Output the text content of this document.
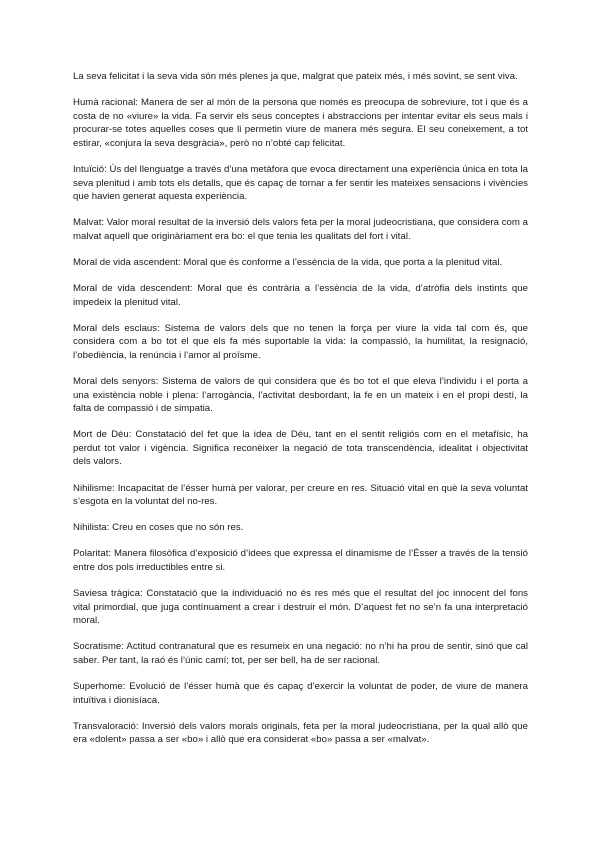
La seva felicitat i la seva vida són més plenes ja que, malgrat que pateix més, i més sovint, se sent viva.

Humà racional: Manera de ser al món de la persona que només es preocupa de sobreviure, tot i que és a costa de no «viure» la vida. Fa servir els seus conceptes i abstraccions per intentar evitar els seus mals i procurar-se totes aquelles coses que li permetin viure de manera més segura. El seu coneixement, a tot estirar, «conjura la seva desgràcia», però no n’obté cap felicitat.

Intuïció: Ús del llenguatge a través d’una metàfora que evoca directament una experiència única en tota la seva plenitud i amb tots els detalls, que és capaç de tornar a fer sentir les mateixes sensacions i vivències que havien generat aquesta experiència.

Malvat: Valor moral resultat de la inversió dels valors feta per la moral judeocristiana, que considera com a malvat aquell que originàriament era bo: el que tenia les qualitats del fort i vital.

Moral de vida ascendent: Moral que és conforme a l’essència de la vida, que porta a la plenitud vital.

Moral de vida descendent: Moral que és contrària a l’essència de la vida, d’atròfia dels instints que impedeix la plenitud vital.

Moral dels esclaus: Sistema de valors dels que no tenen la força per viure la vida tal com és, que considera com a bo tot el que els fa més suportable la vida: la compassió, la humilitat, la resignació, l’obediència, la renúncia i l’amor al proïsme.

Moral dels senyors: Sistema de valors de qui considera que és bo tot el que eleva l’individu i el porta a una existència noble i plena: l’arrogància, l’activitat desbordant, la fe en un mateix i en el propi destí, la falta de compassió i de simpatia.

Mort de Déu: Constatació del fet que la idea de Déu, tant en el sentit religiós com en el metafísic, ha perdut tot valor i vigència. Significa reconèixer la negació de tota transcendència, idealitat i objectivitat dels valors.

Nihilisme: Incapacitat de l’ésser humà per valorar, per creure en res. Situació vital en què la seva voluntat s’esgota en la voluntat del no-res.

Nihilista: Creu en coses que no són res.

Polaritat: Manera filosòfica d’exposició d’idees que expressa el dinamisme de l’Ésser a través de la tensió entre dos pols irreductibles entre si.

Saviesa tràgica: Constatació que la individuació no és res més que el resultat del joc innocent del fons vital primordial, que juga contínuament a crear i destruir el món. D’aquest fet no se’n fa una interpretació moral.

Socratisme: Actitud contranatural que es resumeix en una negació: no n’hi ha prou de sentir, sinó que cal saber. Per tant, la raó és l’únic camí; tot, per ser bell, ha de ser racional.

Superhome: Evolució de l’ésser humà que és capaç d’exercir la voluntat de poder, de viure de manera intuïtiva i dionisíaca.

Transvaloració: Inversió dels valors morals originals, feta per la moral judeocristiana, per la qual allò que era «dolent» passa a ser «bo» i allò que era considerat «bo» passa a ser «malvat».
